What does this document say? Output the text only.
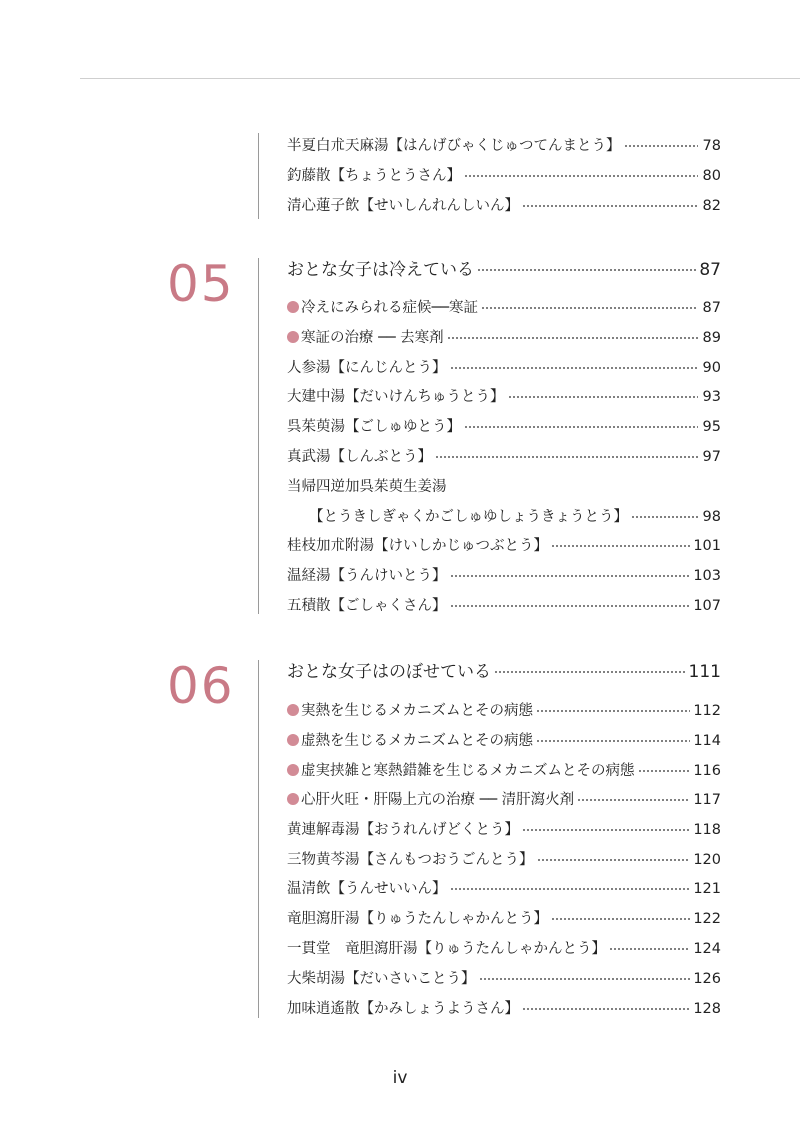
半夏白朮天麻湯【はんげびゃくじゅつてんまとう】	78
釣藤散【ちょうとうさん】	80
清心蓮子飲【せいしんれんしいん】	82
05	おとな女子は冷えている	87
冷えにみられる症候──寒証	87
寒証の治療 ── 去寒剤	89
人参湯【にんじんとう】	90
大建中湯【だいけんちゅうとう】	93
呉茱萸湯【ごしゅゆとう】	95
真武湯【しんぶとう】	97
当帰四逆加呉茱萸生姜湯
【とうきしぎゃくかごしゅゆしょうきょうとう】	98
桂枝加朮附湯【けいしかじゅつぶとう】	101
温経湯【うんけいとう】	103
五積散【ごしゃくさん】	107
06	おとな女子はのぼせている	111
実熱を生じるメカニズムとその病態	112
虚熱を生じるメカニズムとその病態	114
虚実挟雑と寒熱錯雑を生じるメカニズムとその病態	116
心肝火旺・肝陽上亢の治療 ── 清肝瀉火剤	117
黄連解毒湯【おうれんげどくとう】	118
三物黄芩湯【さんもつおうごんとう】	120
温清飲【うんせいいん】	121
竜胆瀉肝湯【りゅうたんしゃかんとう】	122
一貫堂　竜胆瀉肝湯【りゅうたんしゃかんとう】	124
大柴胡湯【だいさいことう】	126
加味逍遙散【かみしょうようさん】	128
iv
